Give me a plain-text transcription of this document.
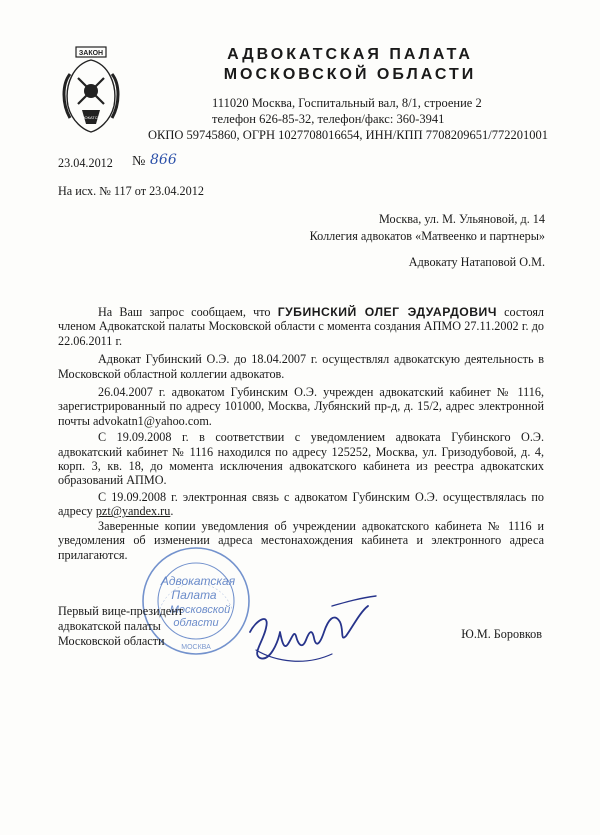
ЗАКОН
АДВОКАТСКАЯ
АДВОКАТСКАЯ ПАЛАТА
МОСКОВСКОЙ ОБЛАСТИ
111020 Москва, Госпитальный вал, 8/1, строение 2
телефон 626-85-32, телефон/факс: 360-3941
ОКПО 59745860, ОГРН 1027708016654, ИНН/КПП 7708209651/772201001
23.04.2012 № 866
На исх. № 117 от 23.04.2012
Москва, ул. М. Ульяновой, д. 14
Коллегия адвокатов «Матвеенко и партнеры»
Адвокату Натаповой О.М.

На Ваш запрос сообщаем, что ГУБИНСКИЙ ОЛЕГ ЭДУАРДОВИЧ состоял членом Адвокатской палаты Московской области с момента создания АПМО 27.11.2002 г. до 22.06.2011 г.

Адвокат Губинский О.Э. до 18.04.2007 г. осуществлял адвокатскую деятельность в Московской областной коллегии адвокатов.

26.04.2007 г. адвокатом Губинским О.Э. учрежден адвокатский кабинет № 1116, зарегистрированный по адресу 101000, Москва, Лубянский пр-д, д. 15/2, адрес электронной почты advokatn1@yahoo.com.

С 19.09.2008 г. в соответствии с уведомлением адвоката Губинского О.Э. адвокатский кабинет № 1116 находился по адресу 125252, Москва, ул. Гризодубовой, д. 4, корп. 3, кв. 18, до момента исключения адвокатского кабинета из реестра адвокатских образований АПМО.

С 19.09.2008 г. электронная связь с адвокатом Губинским О.Э. осуществлялась по адресу pzt@yandex.ru.

Заверенные копии уведомления об учреждении адвокатского кабинета № 1116 и уведомления об изменении адреса местонахождения кабинета и электронного адреса прилагаются.

Адвокатская
Палата
Московской
области
МОСКВА
Первый вице-президент
адвокатской палаты
Московской области	Ю.М. Боровков
